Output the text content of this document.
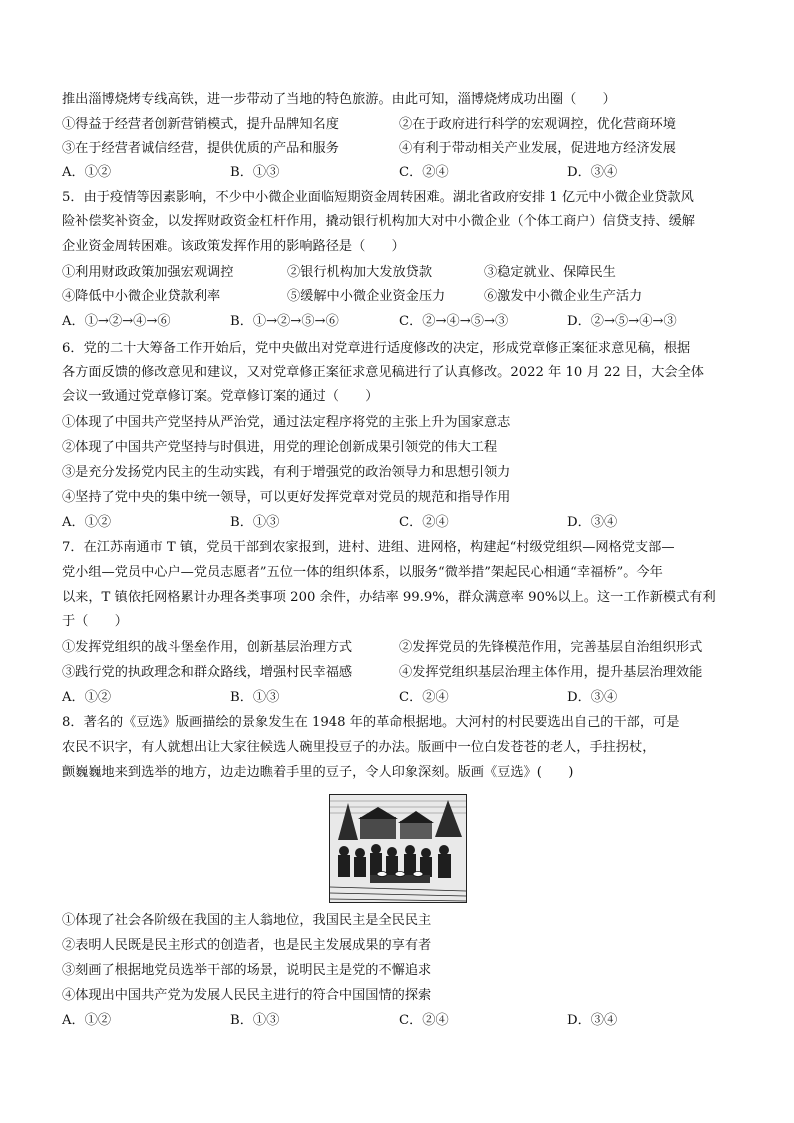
推出淄博烧烤专线高铁，进一步带动了当地的特色旅游。由此可知，淄博烧烤成功出圈（　　）
①得益于经营者创新营销模式，提升品牌知名度	②在于政府进行科学的宏观调控，优化营商环境
③在于经营者诚信经营，提供优质的产品和服务	④有利于带动相关产业发展，促进地方经济发展
A．①②	B．①③	C．②④	D．③④
5．由于疫情等因素影响，不少中小微企业面临短期资金周转困难。湖北省政府安排 1 亿元中小微企业贷款风
险补偿奖补资金，以发挥财政资金杠杆作用，撬动银行机构加大对中小微企业（个体工商户）信贷支持、缓解
企业资金周转困难。该政策发挥作用的影响路径是（　　）
①利用财政政策加强宏观调控	②银行机构加大发放贷款	③稳定就业、保障民生
④降低中小微企业贷款利率	⑤缓解中小微企业资金压力	⑥激发中小微企业生产活力
A．①→②→④→⑥	B．①→②→⑤→⑥	C．②→④→⑤→③	D．②→⑤→④→③
6．党的二十大筹备工作开始后，党中央做出对党章进行适度修改的决定，形成党章修正案征求意见稿，根据
各方面反馈的修改意见和建议，又对党章修正案征求意见稿进行了认真修改。2022 年 10 月 22 日，大会全体
会议一致通过党章修订案。党章修订案的通过（　　）
①体现了中国共产党坚持从严治党，通过法定程序将党的主张上升为国家意志
②体现了中国共产党坚持与时俱进，用党的理论创新成果引领党的伟大工程
③是充分发扬党内民主的生动实践，有利于增强党的政治领导力和思想引领力
④坚持了党中央的集中统一领导，可以更好发挥党章对党员的规范和指导作用
A．①②	B．①③	C．②④	D．③④
7．在江苏南通市 T 镇，党员干部到农家报到，进村、进组、进网格，构建起“村级党组织—网格党支部—
党小组—党员中心户—党员志愿者”五位一体的组织体系，以服务“微举措”架起民心相通“幸福桥”。今年
以来，T 镇依托网格累计办理各类事项 200 余件，办结率 99.9%，群众满意率 90%以上。这一工作新模式有利
于（　　）
①发挥党组织的战斗堡垒作用，创新基层治理方式	②发挥党员的先锋模范作用，完善基层自治组织形式
③践行党的执政理念和群众路线，增强村民幸福感	④发挥党组织基层治理主体作用，提升基层治理效能
A．①②	B．①③	C．②④	D．③④
8．著名的《豆选》版画描绘的景象发生在 1948 年的革命根据地。大河村的村民要选出自己的干部，可是
农民不识字，有人就想出让大家往候选人碗里投豆子的办法。版画中一位白发苍苍的老人，手拄拐杖，
颤巍巍地来到选举的地方，边走边瞧着手里的豆子，令人印象深刻。版画《豆选》(　　)
①体现了社会各阶级在我国的主人翁地位，我国民主是全民民主
②表明人民既是民主形式的创造者，也是民主发展成果的享有者
③刻画了根据地党员选举干部的场景，说明民主是党的不懈追求
④体现出中国共产党为发展人民民主进行的符合中国国情的探索
A．①②	B．①③	C．②④	D．③④
